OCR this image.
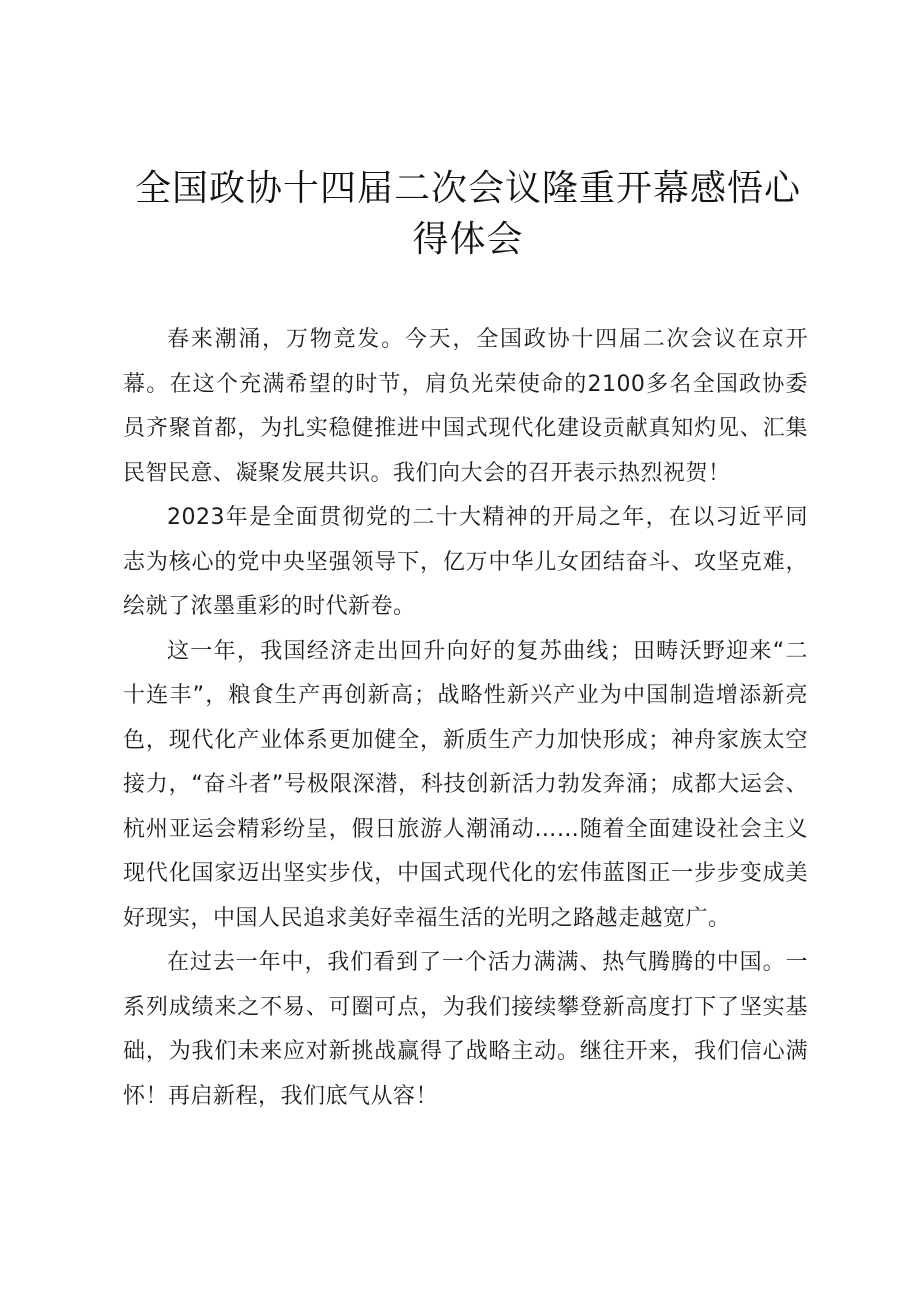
全国政协十四届二次会议隆重开幕感悟心得体会

春来潮涌，万物竞发。今天，全国政协十四届二次会议在京开幕。在这个充满希望的时节，肩负光荣使命的2100多名全国政协委员齐聚首都，为扎实稳健推进中国式现代化建设贡献真知灼见、汇集民智民意、凝聚发展共识。我们向大会的召开表示热烈祝贺！

2023年是全面贯彻党的二十大精神的开局之年，在以习近平同志为核心的党中央坚强领导下，亿万中华儿女团结奋斗、攻坚克难，绘就了浓墨重彩的时代新卷。

这一年，我国经济走出回升向好的复苏曲线；田畴沃野迎来“二十连丰”，粮食生产再创新高；战略性新兴产业为中国制造增添新亮色，现代化产业体系更加健全，新质生产力加快形成；神舟家族太空接力，“奋斗者”号极限深潜，科技创新活力勃发奔涌；成都大运会、杭州亚运会精彩纷呈，假日旅游人潮涌动……随着全面建设社会主义现代化国家迈出坚实步伐，中国式现代化的宏伟蓝图正一步步变成美好现实，中国人民追求美好幸福生活的光明之路越走越宽广。

在过去一年中，我们看到了一个活力满满、热气腾腾的中国。一系列成绩来之不易、可圈可点，为我们接续攀登新高度打下了坚实基础，为我们未来应对新挑战赢得了战略主动。继往开来，我们信心满怀！再启新程，我们底气从容！
